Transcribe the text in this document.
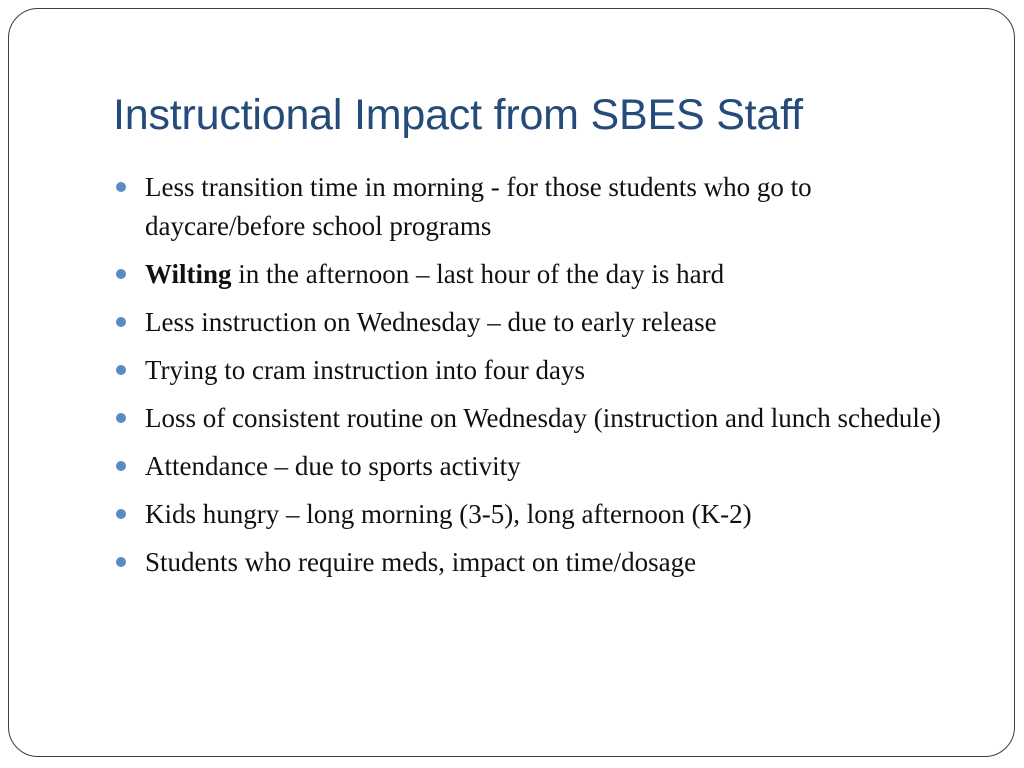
Instructional Impact from SBES Staff
Less transition time in morning - for those students who go to daycare/before school programs
Wilting in the afternoon – last hour of the day is hard
Less instruction on Wednesday – due to early release
Trying to cram instruction into four days
Loss of consistent routine on Wednesday (instruction and lunch schedule)
Attendance – due to sports activity
Kids hungry – long morning (3-5), long afternoon (K-2)
Students who require meds, impact on time/dosage
